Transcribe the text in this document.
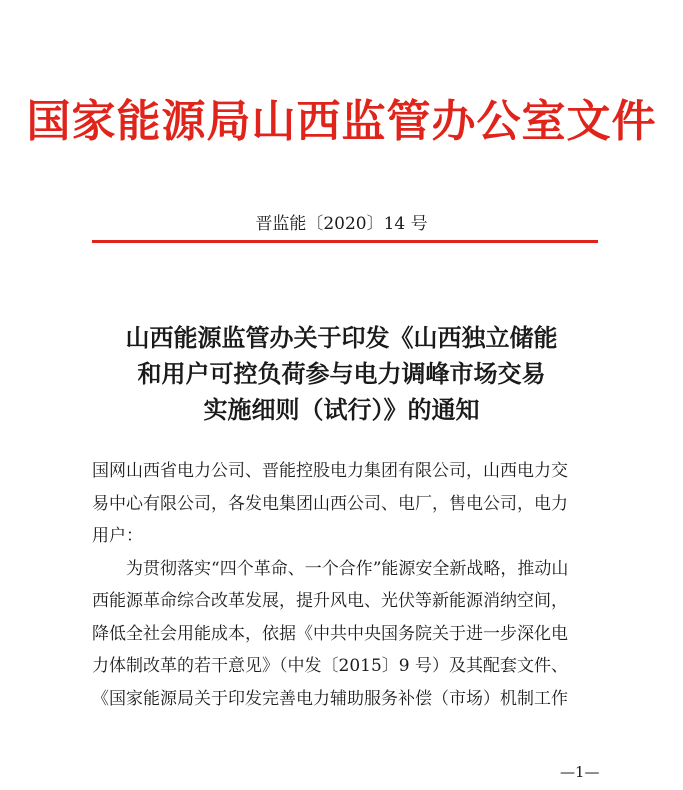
国家能源局山西监管办公室文件
晋监能〔2020〕14 号
山西能源监管办关于印发《山西独立储能
和用户可控负荷参与电力调峰市场交易
实施细则（试行）》的通知
国网山西省电力公司、晋能控股电力集团有限公司，山西电力交
易中心有限公司，各发电集团山西公司、电厂，售电公司，电力
用户：
为贯彻落实“四个革命、一个合作”能源安全新战略，推动山
西能源革命综合改革发展，提升风电、光伏等新能源消纳空间，
降低全社会用能成本，依据《中共中央国务院关于进一步深化电
力体制改革的若干意见》（中发〔2015〕9 号）及其配套文件、
《国家能源局关于印发完善电力辅助服务补偿（市场）机制工作
—1—
